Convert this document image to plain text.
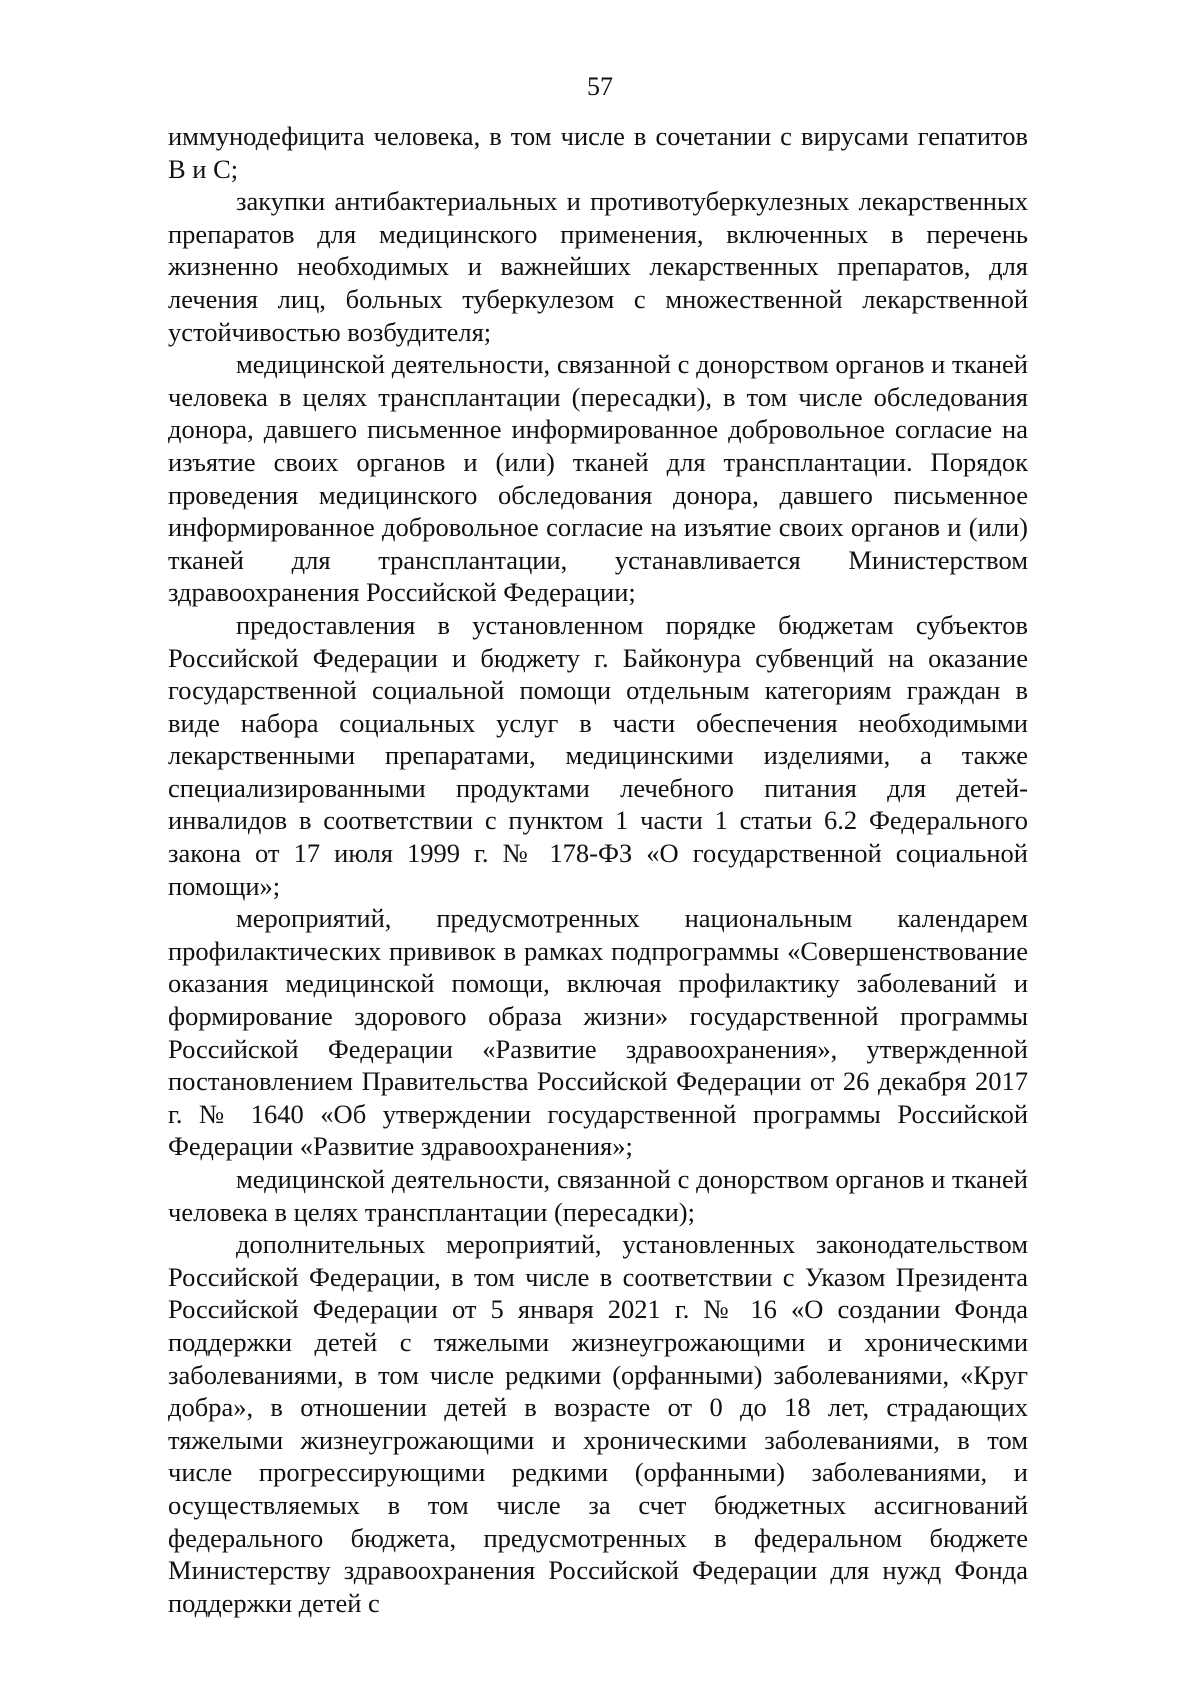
57

иммунодефицита человека, в том числе в сочетании с вирусами гепатитов В и С;

закупки антибактериальных и противотуберкулезных лекарственных препаратов для медицинского применения, включенных в перечень жизненно необходимых и важнейших лекарственных препаратов, для лечения лиц, больных туберкулезом с множественной лекарственной устойчивостью возбудителя;

медицинской деятельности, связанной с донорством органов и тканей человека в целях трансплантации (пересадки), в том числе обследования донора, давшего письменное информированное добровольное согласие на изъятие своих органов и (или) тканей для трансплантации. Порядок проведения медицинского обследования донора, давшего письменное информированное добровольное согласие на изъятие своих органов и (или) тканей для трансплантации, устанавливается Министерством здравоохранения Российской Федерации;

предоставления в установленном порядке бюджетам субъектов Российской Федерации и бюджету г. Байконура субвенций на оказание государственной социальной помощи отдельным категориям граждан в виде набора социальных услуг в части обеспечения необходимыми лекарственными препаратами, медицинскими изделиями, а также специализированными продуктами лечебного питания для детей-инвалидов в соответствии с пунктом 1 части 1 статьи 6.2 Федерального закона от 17 июля 1999 г. № 178-ФЗ «О государственной социальной помощи»;

мероприятий, предусмотренных национальным календарем профилактических прививок в рамках подпрограммы «Совершенствование оказания медицинской помощи, включая профилактику заболеваний и формирование здорового образа жизни» государственной программы Российской Федерации «Развитие здравоохранения», утвержденной постановлением Правительства Российской Федерации от 26 декабря 2017 г. № 1640 «Об утверждении государственной программы Российской Федерации «Развитие здравоохранения»;

медицинской деятельности, связанной с донорством органов и тканей человека в целях трансплантации (пересадки);

дополнительных мероприятий, установленных законодательством Российской Федерации, в том числе в соответствии с Указом Президента Российской Федерации от 5 января 2021 г. № 16 «О создании Фонда поддержки детей с тяжелыми жизнеугрожающими и хроническими заболеваниями, в том числе редкими (орфанными) заболеваниями, «Круг добра», в отношении детей в возрасте от 0 до 18 лет, страдающих тяжелыми жизнеугрожающими и хроническими заболеваниями, в том числе прогрессирующими редкими (орфанными) заболеваниями, и осуществляемых в том числе за счет бюджетных ассигнований федерального бюджета, предусмотренных в федеральном бюджете Министерству здравоохранения Российской Федерации для нужд Фонда поддержки детей с
